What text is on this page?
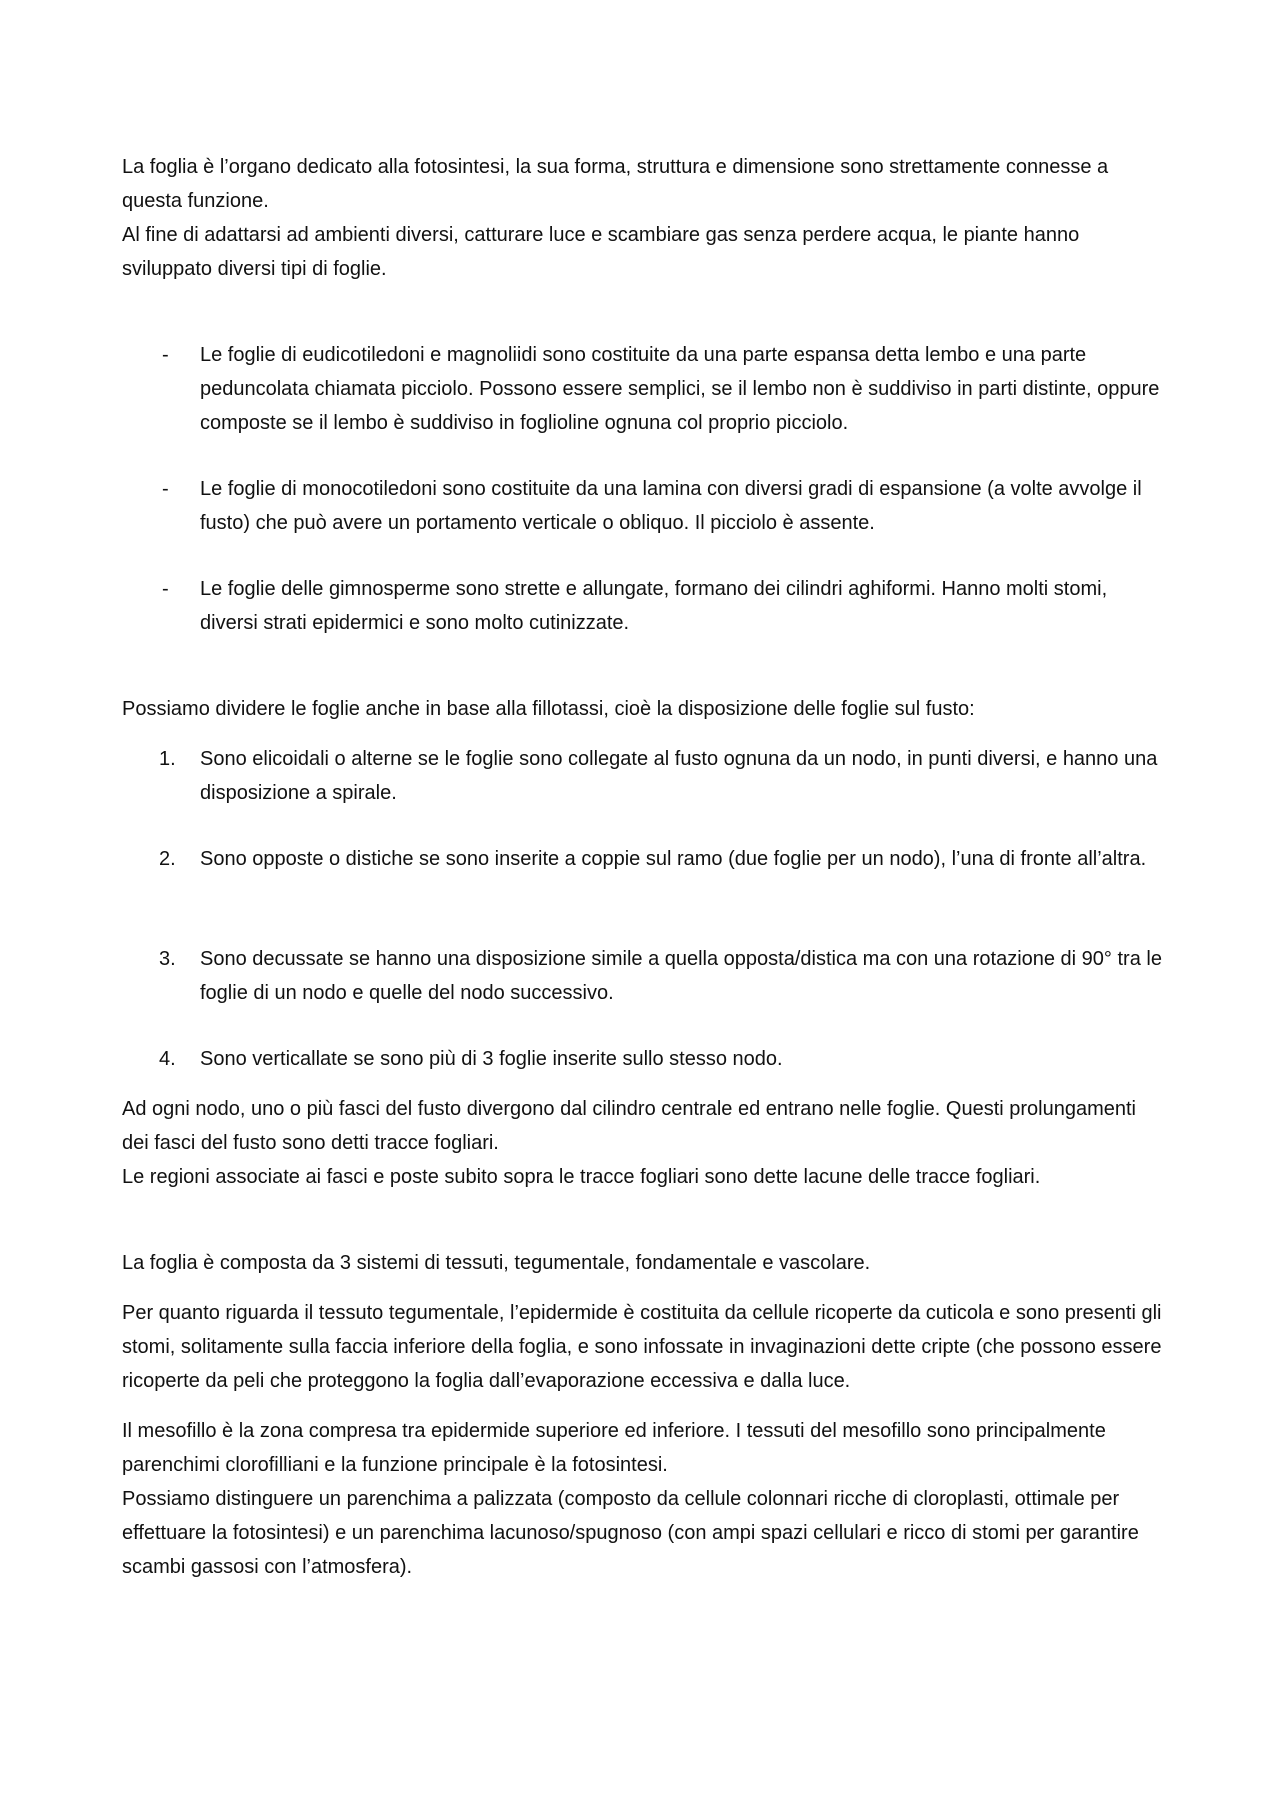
La foglia è l’organo dedicato alla fotosintesi, la sua forma, struttura e dimensione sono strettamente connesse a questa funzione.

Al fine di adattarsi ad ambienti diversi, catturare luce e scambiare gas senza perdere acqua, le piante hanno sviluppato diversi tipi di foglie.

- Le foglie di eudicotiledoni e magnoliidi sono costituite da una parte espansa detta lembo e una parte peduncolata chiamata picciolo. Possono essere semplici, se il lembo non è suddiviso in parti distinte, oppure composte se il lembo è suddiviso in foglioline ognuna col proprio picciolo.

- Le foglie di monocotiledoni sono costituite da una lamina con diversi gradi di espansione (a volte avvolge il fusto) che può avere un portamento verticale o obliquo. Il picciolo è assente.

- Le foglie delle gimnosperme sono strette e allungate, formano dei cilindri aghiformi. Hanno molti stomi, diversi strati epidermici e sono molto cutinizzate.

Possiamo dividere le foglie anche in base alla fillotassi, cioè la disposizione delle foglie sul fusto:

1. Sono elicoidali o alterne se le foglie sono collegate al fusto ognuna da un nodo, in punti diversi, e hanno una disposizione a spirale.

2. Sono opposte o distiche se sono inserite a coppie sul ramo (due foglie per un nodo), l’una di fronte all’altra.

3. Sono decussate se hanno una disposizione simile a quella opposta/distica ma con una rotazione di 90° tra le foglie di un nodo e quelle del nodo successivo.

4. Sono verticallate se sono più di 3 foglie inserite sullo stesso nodo.

Ad ogni nodo, uno o più fasci del fusto divergono dal cilindro centrale ed entrano nelle foglie. Questi prolungamenti dei fasci del fusto sono detti tracce fogliari.

Le regioni associate ai fasci e poste subito sopra le tracce fogliari sono dette lacune delle tracce fogliari.

La foglia è composta da 3 sistemi di tessuti, tegumentale, fondamentale e vascolare.

Per quanto riguarda il tessuto tegumentale, l’epidermide è costituita da cellule ricoperte da cuticola e sono presenti gli stomi, solitamente sulla faccia inferiore della foglia, e sono infossate in invaginazioni dette cripte (che possono essere ricoperte da peli che proteggono la foglia dall’evaporazione eccessiva e dalla luce.

Il mesofillo è la zona compresa tra epidermide superiore ed inferiore. I tessuti del mesofillo sono principalmente parenchimi clorofilliani e la funzione principale è la fotosintesi.

Possiamo distinguere un parenchima a palizzata (composto da cellule colonnari ricche di cloroplasti, ottimale per effettuare la fotosintesi) e un parenchima lacunoso/spugnoso (con ampi spazi cellulari e ricco di stomi per garantire scambi gassosi con l’atmosfera).
